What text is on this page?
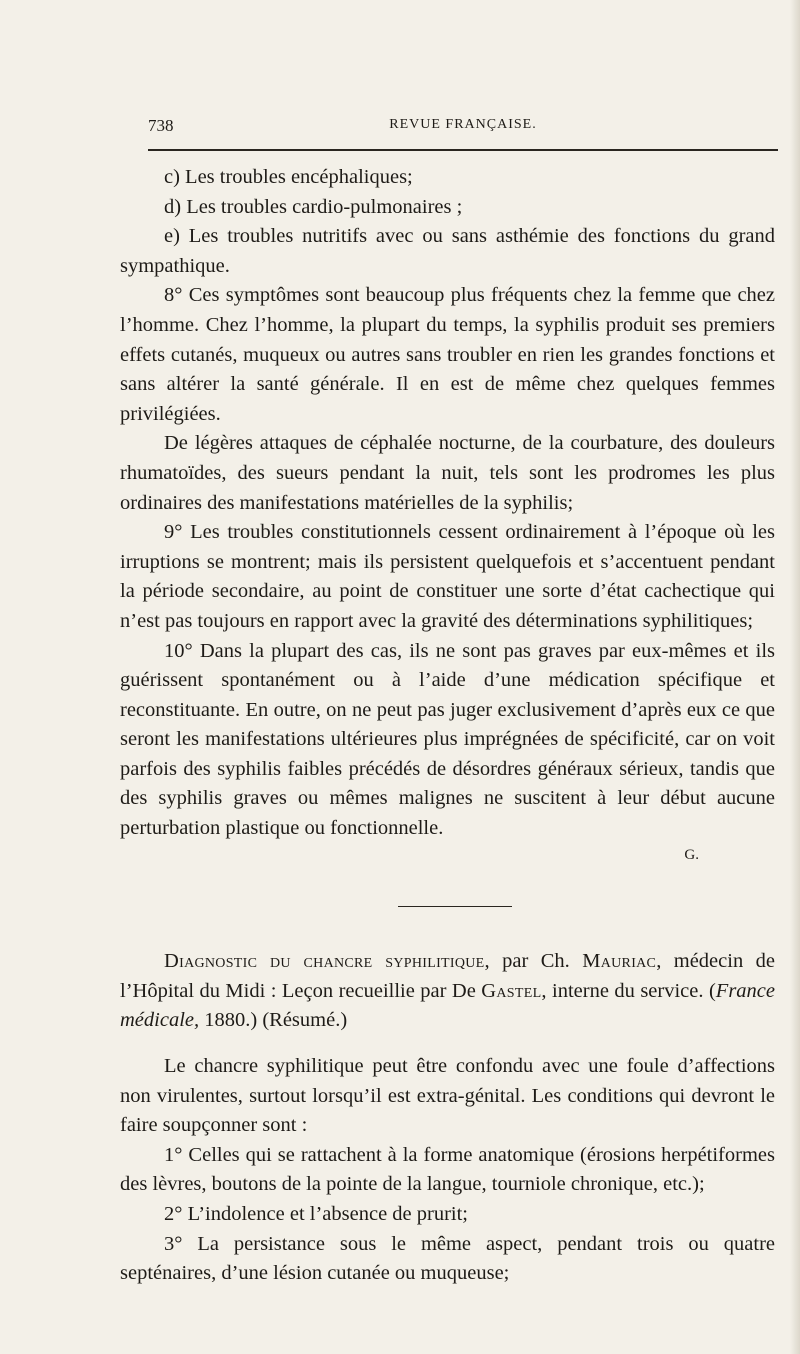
738	REVUE FRANÇAISE.

c) Les troubles encéphaliques;

d) Les troubles cardio-pulmonaires ;

e) Les troubles nutritifs avec ou sans asthémie des fonctions du grand sympathique.

8° Ces symptômes sont beaucoup plus fréquents chez la femme que chez l’homme. Chez l’homme, la plupart du temps, la syphilis produit ses premiers effets cutanés, muqueux ou autres sans troubler en rien les grandes fonctions et sans altérer la santé générale. Il en est de même chez quelques femmes privilégiées.

De légères attaques de céphalée nocturne, de la courbature, des douleurs rhumatoïdes, des sueurs pendant la nuit, tels sont les prodromes les plus ordinaires des manifestations matérielles de la syphilis;

9° Les troubles constitutionnels cessent ordinairement à l’époque où les irruptions se montrent; mais ils persistent quelquefois et s’accentuent pendant la période secondaire, au point de constituer une sorte d’état cachectique qui n’est pas toujours en rapport avec la gravité des déterminations syphilitiques;

10° Dans la plupart des cas, ils ne sont pas graves par eux-mêmes et ils guérissent spontanément ou à l’aide d’une médication spécifique et reconstituante. En outre, on ne peut pas juger exclusivement d’après eux ce que seront les manifestations ultérieures plus imprégnées de spécificité, car on voit parfois des syphilis faibles précédés de désordres généraux sérieux, tandis que des syphilis graves ou mêmes malignes ne suscitent à leur début aucune perturbation plastique ou fonctionnelle.

G.

Diagnostic du chancre syphilitique, par Ch. Mauriac, médecin de l’Hôpital du Midi : Leçon recueillie par De Gastel, interne du service. (France médicale, 1880.) (Résumé.)

Le chancre syphilitique peut être confondu avec une foule d’affections non virulentes, surtout lorsqu’il est extra-génital. Les conditions qui devront le faire soupçonner sont :

1° Celles qui se rattachent à la forme anatomique (érosions herpétiformes des lèvres, boutons de la pointe de la langue, tourniole chronique, etc.);

2° L’indolence et l’absence de prurit;

3° La persistance sous le même aspect, pendant trois ou quatre septénaires, d’une lésion cutanée ou muqueuse;
